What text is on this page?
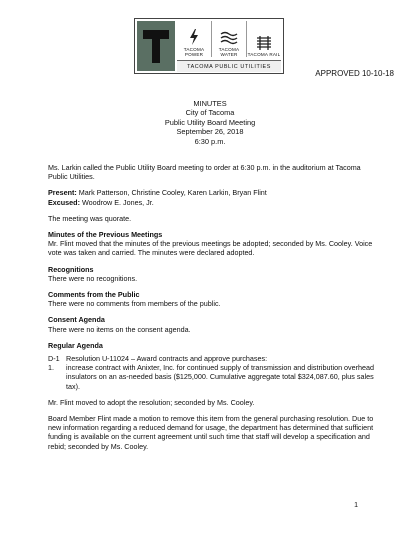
TACOMA POWER
TACOMA WATER	TACOMA RAIL
TACOMA PUBLIC UTILITIES
APPROVED 10-10-18
MINUTES
City of Tacoma
Public Utility Board Meeting
September 26, 2018
6:30 p.m.

Ms. Larkin called the Public Utility Board meeting to order at 6:30 p.m. in the auditorium at Tacoma Public Utilities.

Present: Mark Patterson, Christine Cooley, Karen Larkin, Bryan Flint
Excused: Woodrow E. Jones, Jr.

The meeting was quorate.

Minutes of the Previous Meetings
Mr. Flint moved that the minutes of the previous meetings be adopted; seconded by Ms. Cooley. Voice vote was taken and carried. The minutes were declared adopted.
Recognitions
There were no recognitions.
Comments from the Public
There were no comments from members of the public.
Consent Agenda
There were no items on the consent agenda.
Regular Agenda
D-1 Resolution U-11024 – Award contracts and approve purchases:
1.	increase contract with Anixter, Inc. for continued supply of transmission and distribution overhead insulators on an as-needed basis ($125,000. Cumulative aggregate total $324,087.60, plus sales tax).

Mr. Flint moved to adopt the resolution; seconded by Ms. Cooley.

Board Member Flint made a motion to remove this item from the general purchasing resolution. Due to new information regarding a reduced demand for usage, the department has determined that sufficient funding is available on the current agreement until such time that staff will develop a specification and rebid; seconded by Ms. Cooley.

1
